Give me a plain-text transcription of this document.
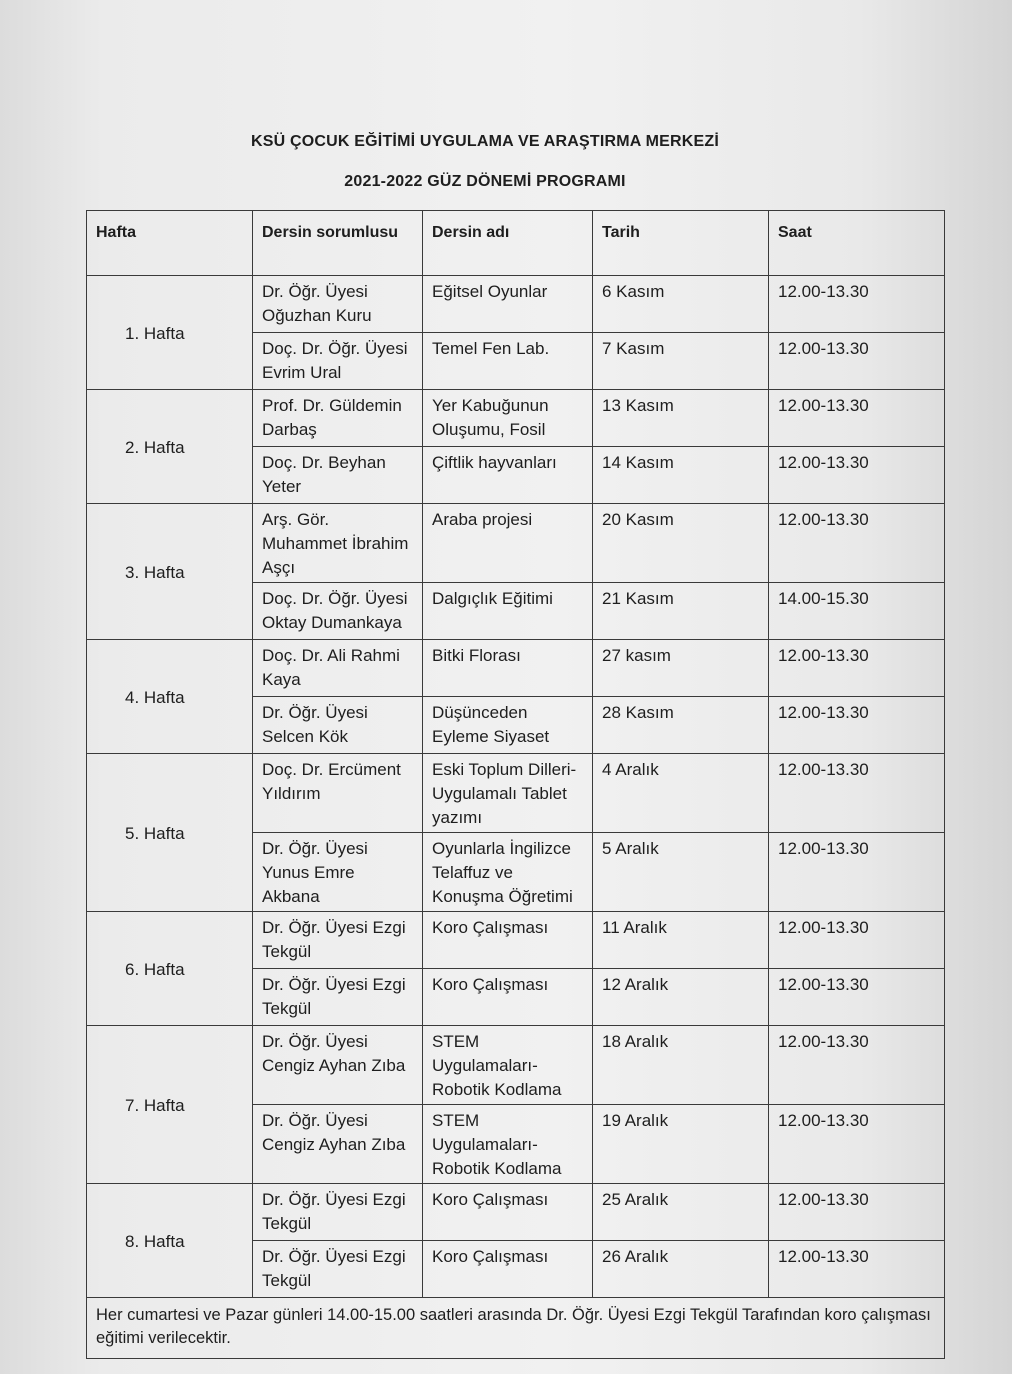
KSÜ ÇOCUK EĞİTİMİ UYGULAMA VE ARAŞTIRMA MERKEZİ
2021-2022 GÜZ DÖNEMİ PROGRAMI
Hafta	Dersin sorumlusu	Dersin adı	Tarih	Saat
1. Hafta	Dr. Öğr. Üyesi Oğuzhan Kuru	Eğitsel Oyunlar	6 Kasım	12.00-13.30
	Doç. Dr. Öğr. Üyesi Evrim Ural	Temel Fen Lab.	7 Kasım	12.00-13.30
2. Hafta	Prof. Dr. Güldemin Darbaş	Yer Kabuğunun Oluşumu, Fosil	13 Kasım	12.00-13.30
	Doç. Dr. Beyhan Yeter	Çiftlik hayvanları	14 Kasım	12.00-13.30
3. Hafta	Arş. Gör. Muhammet İbrahim Aşçı	Araba projesi	20 Kasım	12.00-13.30
	Doç. Dr. Öğr. Üyesi Oktay Dumankaya	Dalgıçlık Eğitimi	21 Kasım	14.00-15.30
4. Hafta	Doç. Dr. Ali Rahmi Kaya	Bitki Florası	27 kasım	12.00-13.30
	Dr. Öğr. Üyesi Selcen Kök	Düşünceden Eyleme Siyaset	28 Kasım	12.00-13.30
5. Hafta	Doç. Dr. Ercüment Yıldırım	Eski Toplum Dilleri-Uygulamalı Tablet yazımı	4 Aralık	12.00-13.30
	Dr. Öğr. Üyesi Yunus Emre Akbana	Oyunlarla İngilizce Telaffuz ve Konuşma Öğretimi	5 Aralık	12.00-13.30
6. Hafta	Dr. Öğr. Üyesi Ezgi Tekgül	Koro Çalışması	11 Aralık	12.00-13.30
	Dr. Öğr. Üyesi Ezgi Tekgül	Koro Çalışması	12 Aralık	12.00-13.30
7. Hafta	Dr. Öğr. Üyesi Cengiz Ayhan Zıba	STEM Uygulamaları-Robotik Kodlama	18 Aralık	12.00-13.30
	Dr. Öğr. Üyesi Cengiz Ayhan Zıba	STEM Uygulamaları-Robotik Kodlama	19 Aralık	12.00-13.30
8. Hafta	Dr. Öğr. Üyesi Ezgi Tekgül	Koro Çalışması	25 Aralık	12.00-13.30
	Dr. Öğr. Üyesi Ezgi Tekgül	Koro Çalışması	26 Aralık	12.00-13.30
Her cumartesi ve Pazar günleri 14.00-15.00 saatleri arasında Dr. Öğr. Üyesi Ezgi Tekgül Tarafından koro çalışması eğitimi verilecektir.				
